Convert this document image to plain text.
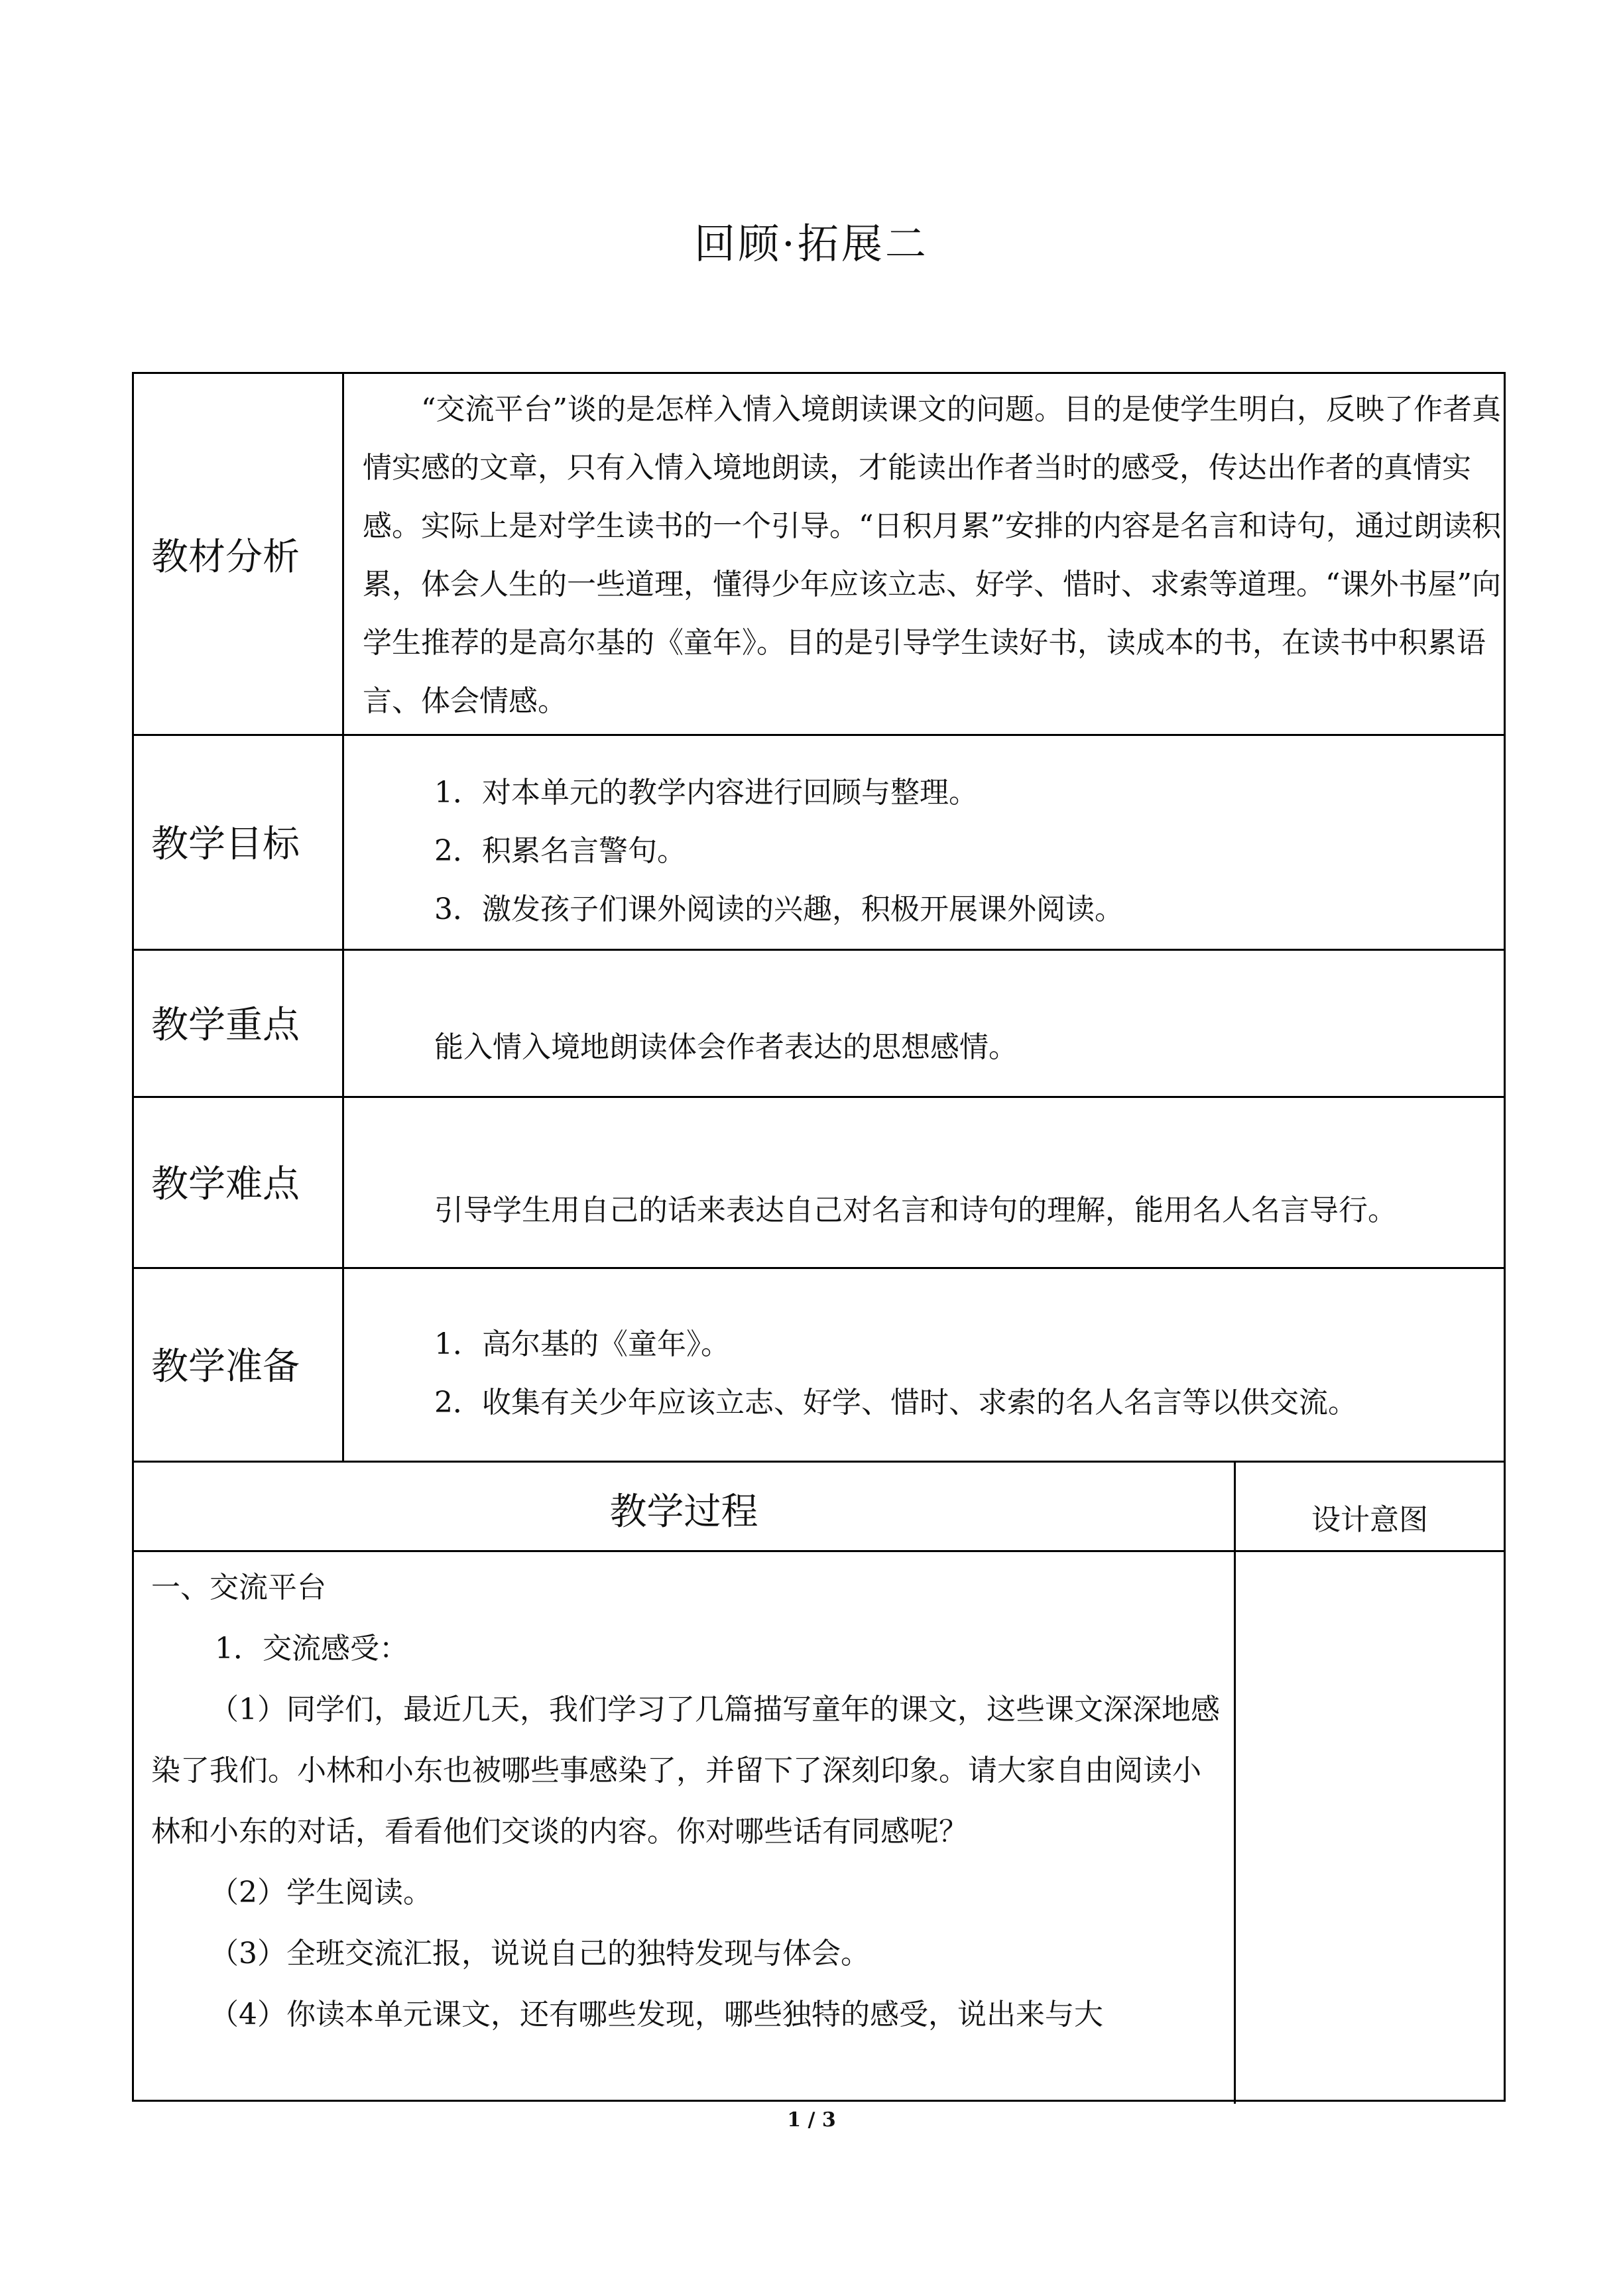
回顾·拓展二
教材分析

“交流平台”谈的是怎样入情入境朗读课文的问题。目的是使学生明白，反映了作者真情实感的文章，只有入情入境地朗读，才能读出作者当时的感受，传达出作者的真情实感。实际上是对学生读书的一个引导。“日积月累”安排的内容是名言和诗句，通过朗读积累，体会人生的一些道理，懂得少年应该立志、好学、惜时、求索等道理。“课外书屋”向学生推荐的是高尔基的《童年》。目的是引导学生读好书，读成本的书，在读书中积累语言、体会情感。

教学目标

1．对本单元的教学内容进行回顾与整理。

2．积累名言警句。

3．激发孩子们课外阅读的兴趣，积极开展课外阅读。

教学重点

能入情入境地朗读体会作者表达的思想感情。

教学难点

引导学生用自己的话来表达自己对名言和诗句的理解，能用名人名言导行。

教学准备

1．高尔基的《童年》。

2．收集有关少年应该立志、好学、惜时、求索的名人名言等以供交流。

教学过程	设计意图

一、交流平台

1．交流感受：

（1）同学们，最近几天，我们学习了几篇描写童年的课文，这些课文深深地感染了我们。小林和小东也被哪些事感染了，并留下了深刻印象。请大家自由阅读小林和小东的对话，看看他们交谈的内容。你对哪些话有同感呢？

（2）学生阅读。

（3）全班交流汇报，说说自己的独特发现与体会。

（4）你读本单元课文，还有哪些发现，哪些独特的感受，说出来与大

1 / 3
